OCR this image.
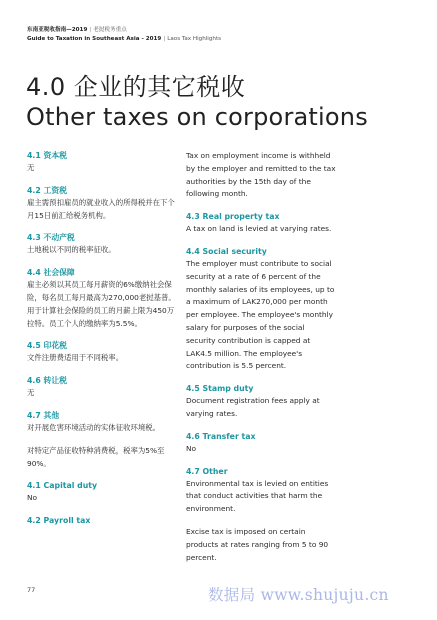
东南亚税收指南—2019 | 老挝税务重点
Guide to Taxation in Southeast Asia - 2019 | Laos Tax Highlights
4.0 企业的其它税收
Other taxes on corporations
4.1 资本税
无
4.2 工资税
雇主需预扣雇员的就业收入的所得税并在下个月15日前汇给税务机构。
4.3 不动产税
土地税以不同的税率征收。
4.4 社会保障
雇主必须以其员工每月薪资的6%缴纳社会保险，每名员工每月最高为270,000老挝基普。用于计算社会保险的员工的月薪上限为450万拉特。员工个人的缴纳率为5.5%。
4.5 印花税
文件注册费适用于不同税率。
4.6 转让税
无
4.7 其他
对开展危害环境活动的实体征收环境税。
对特定产品征收特种消费税，税率为5%至90%。
4.1 Capital duty
No
4.2 Payroll tax
Tax on employment income is withheld by the employer and remitted to the tax authorities by the 15th day of the following month.
4.3 Real property tax
A tax on land is levied at varying rates.
4.4 Social security
The employer must contribute to social security at a rate of 6 percent of the monthly salaries of its employees, up to a maximum of LAK270,000 per month per employee. The employee's monthly salary for purposes of the social security contribution is capped at LAK4.5 million. The employee's contribution is 5.5 percent.
4.5 Stamp duty
Document registration fees apply at varying rates.
4.6 Transfer tax
No
4.7 Other
Environmental tax is levied on entities that conduct activities that harm the environment.
Excise tax is imposed on certain products at rates ranging from 5 to 90 percent.
77	数据局 www.shujuju.cn
